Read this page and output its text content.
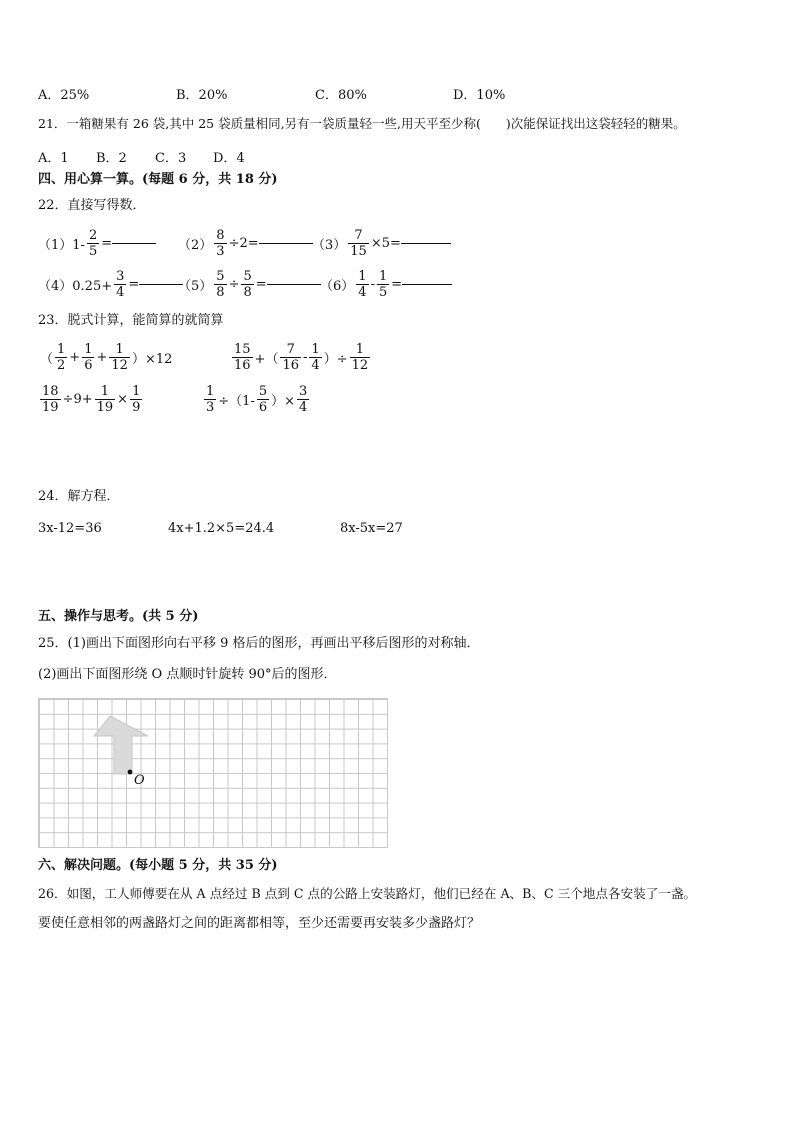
A．25%	B．20%	C．80%	D．10%
21．一箱糖果有 26 袋,其中 25 袋质量相同,另有一袋质量轻一些,用天平至少称(　　)次能保证找出这袋轻轻的糖果。
A．1 B．2 C．3 D．4
四、用心算一算。(每题 6 分，共 18 分)
22．直接写得数．
$(1)1- \frac{2}{5}$ =	$(2) \frac{8}{3} \div 2=$	$(3) \frac{7}{15} \times 5=$
$(4)0.25+ \frac{3}{4}$ =	$(5) \frac{5}{8} \div \frac{5}{8}$ =	$(6) \frac{1}{4} - \frac{1}{5}$ =
23．脱式计算，能简算的就简算
（ $\frac{1}{2} + \frac{1}{6} + \frac{1}{12} )\times 12$	$\frac{15}{16}$ +（ $\frac{7}{16} - \frac{1}{4}$ ）÷ $\frac{1}{12}$
$\frac{18}{19} \div 9+ \frac{1}{19} \times \frac{1}{9}$	$\frac{1}{3} \div(1- \frac{5}{6}$ ）× $\frac{3}{4}$
24．解方程．
3x-12=36	4x+1.2×5=24.4	8x-5x=27
五、操作与思考。(共 5 分)
25．(1)画出下面图形向右平移 9 格后的图形，再画出平移后图形的对称轴．
(2)画出下面图形绕 O 点顺时针旋转 90°后的图形．
O
六、解决问题。(每小题 5 分，共 35 分)
26．如图，工人师傅要在从 A 点经过 B 点到 C 点的公路上安装路灯，他们已经在 A、B、C 三个地点各安装了一盏。
要使任意相邻的两盏路灯之间的距离都相等，至少还需要再安装多少盏路灯？
